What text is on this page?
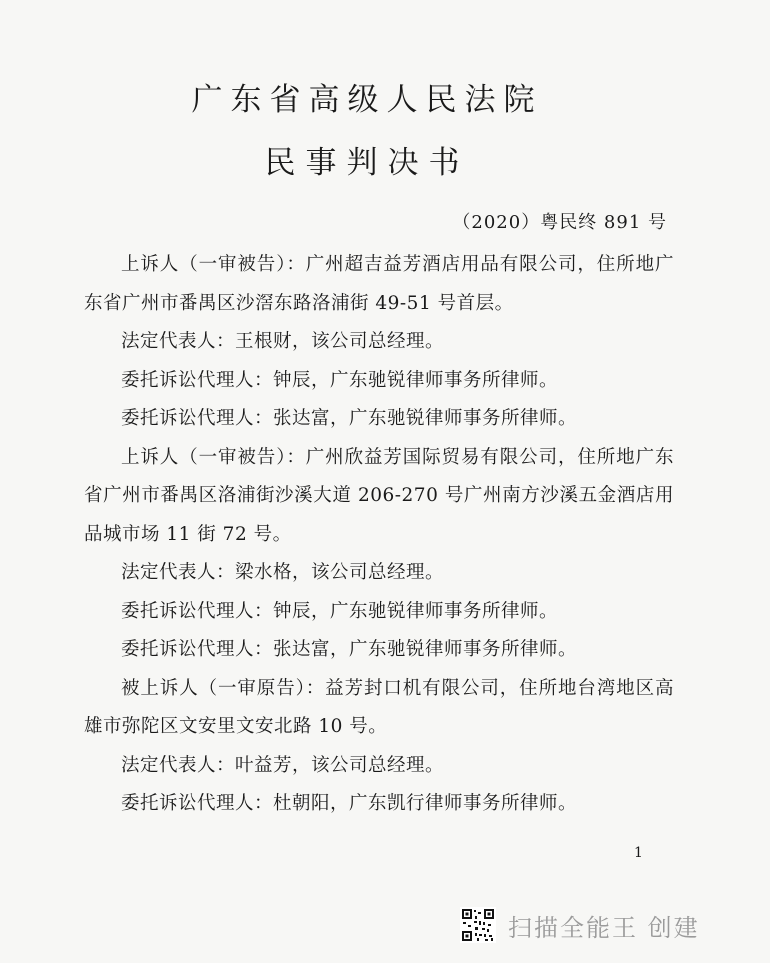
广东省高级人民法院
民事判决书
（2020）粤民终 891 号

上诉人（一审被告）：广州超吉益芳酒店用品有限公司，住所地广东省广州市番禺区沙滘东路洛浦街 49-51 号首层。

法定代表人：王根财，该公司总经理。

委托诉讼代理人：钟辰，广东驰锐律师事务所律师。

委托诉讼代理人：张达富，广东驰锐律师事务所律师。

上诉人（一审被告）：广州欣益芳国际贸易有限公司，住所地广东省广州市番禺区洛浦街沙溪大道 206-270 号广州南方沙溪五金酒店用品城市场 11 街 72 号。

法定代表人：梁水格，该公司总经理。

委托诉讼代理人：钟辰，广东驰锐律师事务所律师。

委托诉讼代理人：张达富，广东驰锐律师事务所律师。

被上诉人（一审原告）：益芳封口机有限公司，住所地台湾地区高雄市弥陀区文安里文安北路 10 号。

法定代表人：叶益芳，该公司总经理。

委托诉讼代理人：杜朝阳，广东凯行律师事务所律师。

1
扫描全能王 创建
